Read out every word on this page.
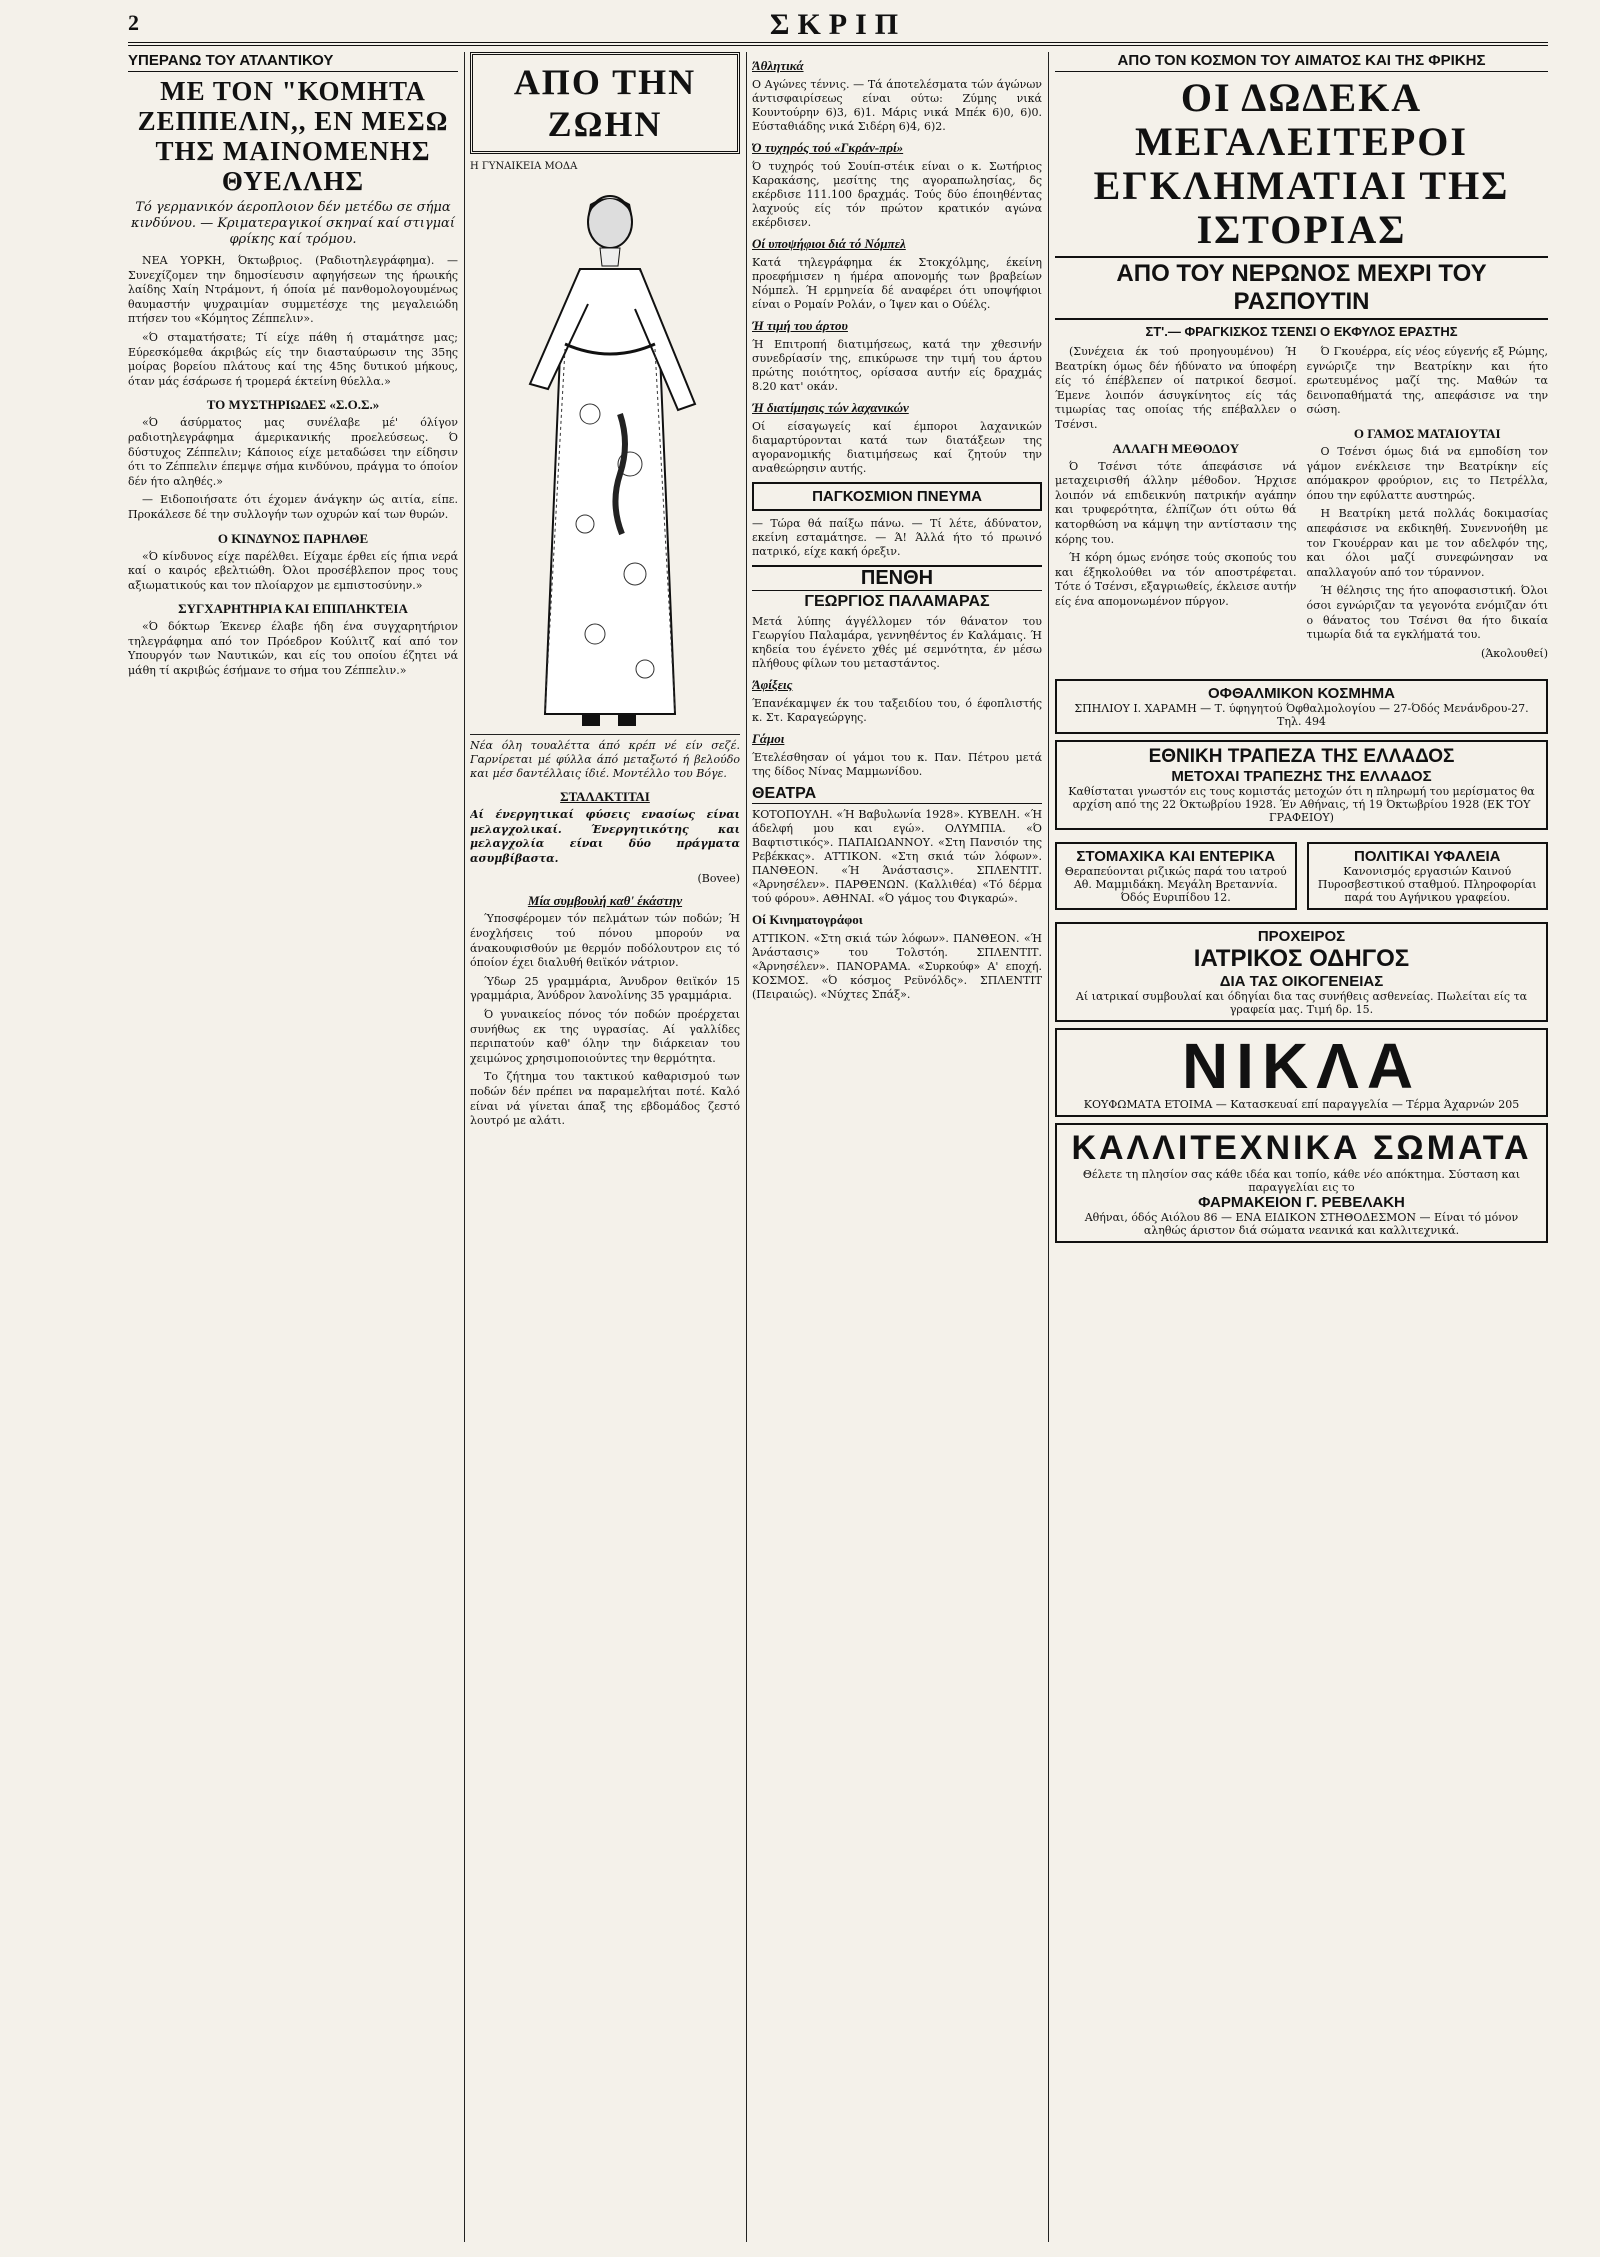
2	ΣΚΡΙΠ
ΥΠΕΡΑΝΩ ΤΟΥ ΑΤΛΑΝΤΙΚΟΥ
ΜΕ ΤΟΝ "ΚΟΜΗΤΑ ΖΕΠΠΕΛΙΝ,, ΕΝ ΜΕΣΩ ΤΗΣ ΜΑΙΝΟΜΕΝΗΣ ΘΥΕΛΛΗΣ
Τό γερμανικόν άεροπλοιον δέν μετέδω σε σήμα κινδύνου. — Κριματεραγικοί σκηναί καί στιγμαί φρίκης καί τρόμου.

ΝΕΑ ΥΟΡΚΗ, Όκτωβριος. (Ραδιοτηλεγράφημα). — Συνεχίζομεν την δημοσίευσιν αφηγήσεων της ήρωικής λαίδης Χαίη Ντράμοντ, ή όποία μέ πανθομολογουμένως θαυμαστήν ψυχραιμίαν συμμετέσχε της μεγαλειώδη πτήσεν του «Κόμητος Ζέππελιν».

«Ό σταματήσατε; Τί είχε πάθη ή σταμάτησε μας; Εύρεσκόμεθα άκριβώς είς την διασταύρωσιν της 35ης μοίρας βορείου πλάτους καί της 45ης δυτικού μήκους, όταν μάς έσάρωσε ή τρομερά έκτείνη θύελλα.»

ΤΟ ΜΥΣΤΗΡΙΩΔΕΣ «Σ.Ο.Σ.»

«Ό άσύρματος μας συνέλαβε μέ' όλίγον ραδιοτηλεγράφημα άμερικανικής προελεύσεως. Ό δύστυχος Ζέππελιν; Κάποιος είχε μεταδώσει την είδησιν ότι το Ζέππελιν έπεμψε σήμα κινδύνου, πράγμα το όποίον δέν ήτο αληθές.»

— Ειδοποιήσατε ότι έχομεν άνάγκην ώς αιτία, είπε. Προκάλεσε δέ την συλλογήν των οχυρών καί των θυρών.

Ο ΚΙΝΔΥΝΟΣ ΠΑΡΗΛΘΕ

«Ό κίνδυνος είχε παρέλθει. Είχαμε έρθει είς ήπια νερά καί ο καιρός εβελτιώθη. Όλοι προσέβλεπον προς τους αξιωματικούς και τον πλοίαρχον με εμπιστοσύνην.»

ΣΥΓΧΑΡΗΤΗΡΙΑ ΚΑΙ ΕΠΙΠΛΗΚΤΕΙΑ

«Ό δόκτωρ Έκενερ έλαβε ήδη ένα συγχαρητήριον τηλεγράφημα από τον Πρόεδρον Κούλιτζ καί από τον Υπουργόν των Ναυτικών, και είς του οποίου έζητει νά μάθη τί ακριβώς έσήμανε το σήμα του Ζέππελιν.»

ΑΠΟ ΤΗΝ ΖΩΗΝ
Η ΓΥΝΑΙΚΕΙΑ ΜΟΔΑ
Νέα όλη τουαλέττα άπό κρέπ νέ είν σεζέ. Γαρνίρεται μέ φύλλα άπό μεταξωτό ή βελούδο και μέσ δαντέλλαις ίδιέ. Μοντέλλο του Βόγε.
ΣΤΑΛΑΚΤΙΤΑΙ
Αί ένεργητικαί φύσεις ενασίως είναι μελαγχολικαί. Ένεργητικότης και μελαγχολία είναι δύο πράγματα ασυμβίβαστα.
(Bovee)
Μία συμβουλή καθ' έκάστην

Ύποσφέρομεν τόν πελμάτων τών ποδών; Ή ένοχλήσεις τού πόνου μπορούν να άνακουφισθούν με θερμόν ποδόλουτρον εις τό όποίον έχει διαλυθή θειϊκόν νάτριον.

Ύδωρ 25 γραμμάρια, Άνυδρον θειϊκόν 15 γραμμάρια, Άνύδρον λανολίνης 35 γραμμάρια.

Ό γυναικείος πόνος τόν ποδών προέρχεται συνήθως εκ της υγρασίας. Αί γαλλίδες περιπατούν καθ' όλην την διάρκειαν του χειμώνος χρησιμοποιούντες την θερμότητα.

Το ζήτημα του τακτικού καθαρισμού των ποδών δέν πρέπει να παραμελήται ποτέ. Καλό είναι νά γίνεται άπαξ της εβδομάδος ζεστό λουτρό με αλάτι.

Άθλητικά
Ο Αγώνες τέννις. — Τά άποτελέσματα τών άγώνων άντισφαιρίσεως είναι ούτω: Ζύμης νικά Κουντούρην 6)3, 6)1. Μάρις νικά Μπέκ 6)0, 6)0. Εύσταθιάδης νικά Σιδέρη 6)4, 6)2.
Ό τυχηρός τού «Γκράν-πρί»
Ό τυχηρός τού Σουίπ-στέικ είναι ο κ. Σωτήριος Καρακάσης, μεσίτης της αγοραπωλησίας, δς εκέρδισε 111.100 δραχμάς. Τούς δύο έποιηθέντας λαχνούς είς τόν πρώτον κρατικόν αγώνα εκέρδισεν.
Οί υποψήφιοι διά τό Νόμπελ
Κατά τηλεγράφημα έκ Στοκχόλμης, έκείνη προεφήμισεν η ήμέρα απονομής των βραβείων Νόμπελ. Ή ερμηνεία δέ αναφέρει ότι υποψήφιοι είναι ο Ρομαίν Ρολάν, ο Ίψεν και ο Ούέλς.
Ή τιμή του άρτου
Ή Επιτροπή διατιμήσεως, κατά την χθεσινήν συνεδρίασίν της, επικύρωσε την τιμή του άρτου πρώτης ποιότητος, ορίσασα αυτήν είς δραχμάς 8.20 κατ' οκάν.
Ή διατίμησις τών λαχανικών
Οί είσαγωγείς καί έμποροι λαχανικών διαμαρτύρονται κατά των διατάξεων της αγορανομικής διατιμήσεως καί ζητούν την αναθεώρησιν αυτής.
ΠΑΓΚΟΣΜΙΟΝ ΠΝΕΥΜΑ
— Τώρα θά παίξω πάνω. — Τί λέτε, άδύνατον, εκείνη εσταμάτησε. — Ά! Άλλά ήτο τό πρωινό πατρικό, είχε κακή όρεξιν.
ΠΕΝΘΗ
ΓΕΩΡΓΙΟΣ ΠΑΛΑΜΑΡΑΣ
Μετά λύπης άγγέλλομεν τόν θάνατον του Γεωργίου Παλαμάρα, γεννηθέντος έν Καλάμαις. Ή κηδεία του έγένετο χθές μέ σεμνότητα, έν μέσω πλήθους φίλων του μεταστάντος.
Άφίξεις
Έπανέκαμψεν έκ του ταξειδίου του, ό έφοπλιστής κ. Στ. Καραγεώργης.
Γάμοι
Έτελέσθησαν οί γάμοι του κ. Παν. Πέτρου μετά της δίδος Νίνας Μαμμωνίδου.
ΘΕΑΤΡΑ
ΚΟΤΟΠΟΥΛΗ. «Ή Βαβυλωνία 1928». ΚΥΒΕΛΗ. «Ή άδελφή μου και εγώ». ΟΛΥΜΠΙΑ. «Ό Βαφτιστικός». ΠΑΠΑΙΩΑΝΝΟΥ. «Στη Πανσιόν της Ρεβέκκας». ΑΤΤΙΚΟΝ. «Στη σκιά τών λόφων». ΠΑΝΘΕΟΝ. «Ή Άνάστασις». ΣΠΛΕΝΤΙΤ. «Άρνησέλεν». ΠΑΡΘΕΝΩΝ. (Καλλιθέα) «Τό δέρμα τού φόρου». ΑΘΗΝΑΙ. «Ό γάμος του Φιγκαρώ».
Οί Κινηματογράφοι
ΑΤΤΙΚΟΝ. «Στη σκιά τών λόφων». ΠΑΝΘΕΟΝ. «Ή Άνάστασις» του Τολστόη. ΣΠΛΕΝΤΙΤ. «Άρνησέλεν». ΠΑΝΟΡΑΜΑ. «Συρκούφ» Α' εποχή. ΚΟΣΜΟΣ. «Ό κόσμος Ρεϋνόλδς». ΣΠΛΕΝΤΙΤ (Πειραιώς). «Νύχτες Σπάξ».
ΑΠΟ ΤΟΝ ΚΟΣΜΟΝ ΤΟΥ ΑΙΜΑΤΟΣ ΚΑΙ ΤΗΣ ΦΡΙΚΗΣ
ΟΙ ΔΩΔΕΚΑ ΜΕΓΑΛΕΙΤΕΡΟΙ
ΕΓΚΛΗΜΑΤΙΑΙ ΤΗΣ ΙΣΤΟΡΙΑΣ
ΑΠΟ ΤΟΥ ΝΕΡΩΝΟΣ ΜΕΧΡΙ ΤΟΥ ΡΑΣΠΟΥΤΙΝ
ΣΤ'.— ΦΡΑΓΚΙΣΚΟΣ ΤΣΕΝΣΙ Ο ΕΚΦΥΛΟΣ ΕΡΑΣΤΗΣ

(Συνέχεια έκ τού προηγουμένου) Ή Βεατρίκη όμως δέν ήδύνατο να ύποφέρη είς τό έπέβλεπεν οί πατρικοί δεσμοί. Έμενε λοιπόν άσυγκίνητος είς τάς τιμωρίας τας οποίας τής επέβαλλεν ο Τσένσι.

ΑΛΛΑΓΗ ΜΕΘΟΔΟΥ

Ό Τσένσι τότε άπεφάσισε νά μεταχειρισθή άλλην μέθοδον. Ήρχισε λοιπόν νά επιδεικνύη πατρικήν αγάπην και τρυφερότητα, έλπίζων ότι ούτω θά κατορθώση να κάμψη την αντίστασιν της κόρης του.

Ή κόρη όμως ενόησε τούς σκοπούς του και έξηκολούθει να τόν αποστρέφεται. Τότε ό Τσένσι, εξαγριωθείς, έκλεισε αυτήν είς ένα απομονωμένον πύργον.

Ό Γκουέρρα, είς νέος εύγενής εξ Ρώμης, εγνώριζε την Βεατρίκην και ήτο ερωτευμένος μαζί της. Μαθών τα δεινοπαθήματά της, απεφάσισε να την σώση.

Ο ΓΑΜΟΣ ΜΑΤΑΙΟΥΤΑΙ

Ο Τσένσι όμως διά να εμποδίση τον γάμον ενέκλεισε την Βεατρίκην είς απόμακρον φρούριον, εις το Πετρέλλα, όπου την εφύλαττε αυστηρώς.

Η Βεατρίκη μετά πολλάς δοκιμασίας απεφάσισε να εκδικηθή. Συνεννοήθη με τον Γκουέρραν και με τον αδελφόν της, και όλοι μαζί συνεφώνησαν να απαλλαγούν από τον τύραννον.

Ή θέλησις της ήτο αποφασιστική. Όλοι όσοι εγνώριζαν τα γεγονότα ενόμιζαν ότι ο θάνατος του Τσένσι θα ήτο δικαία τιμωρία διά τα εγκλήματά του.

(Άκολουθεί)
ΟΦΘΑΛΜΙΚΟΝ ΚΟΣΜΗΜΑ
ΣΠΗΛΙΟΥ Ι. ΧΑΡΑΜΗ — Τ. ύφηγητού Όφθαλμολογίου — 27-Όδός Μενάνδρου-27. Τηλ. 494
ΕΘΝΙΚΗ ΤΡΑΠΕΖΑ ΤΗΣ ΕΛΛΑΔΟΣ
ΜΕΤΟΧΑΙ ΤΡΑΠΕΖΗΣ ΤΗΣ ΕΛΛΑΔΟΣ
Καθίσταται γνωστόν εις τους κομιστάς μετοχών ότι η πληρωμή του μερίσματος θα αρχίση από της 22 Όκτωβρίου 1928. Έν Αθήναις, τή 19 Όκτωβρίου 1928 (ΕΚ ΤΟΥ ΓΡΑΦΕΙΟΥ)
ΣΤΟΜΑΧΙΚΑ ΚΑΙ ΕΝΤΕΡΙΚΑ
Θεραπεύονται ριζικώς παρά του ιατρού Αθ. Μαμμιδάκη. Μεγάλη Βρεταννία. Όδός Ευριπίδου 12.
ΠΟΛΙΤΙΚΑΙ ΥΦΑΛΕΙΑ
Κανονισμός εργασιών Καινού Πυροσβεστικού σταθμού. Πληροφορίαι παρά του Αγήνικου γραφείου.
ΠΡΟΧΕΙΡΟΣ
ΙΑΤΡΙΚΟΣ ΟΔΗΓΟΣ
ΔΙΑ ΤΑΣ ΟΙΚΟΓΕΝΕΙΑΣ
Αί ιατρικαί συμβουλαί και όδηγίαι δια τας συνήθεις ασθενείας. Πωλείται είς τα γραφεία μας. Τιμή δρ. 15.
ΝΙΚΛΑ
ΚΟΥΦΩΜΑΤΑ ΕΤΟΙΜΑ — Κατασκευαί επί παραγγελία — Τέρμα Άχαρνών 205
ΚΑΛΛΙΤΕΧΝΙΚΑ ΣΩΜΑΤΑ
Θέλετε τη πλησίον σας κάθε ιδέα και τοπίο, κάθε νέο απόκτημα. Σύσταση και παραγγελίαι εις το
ΦΑΡΜΑΚΕΙΟΝ Γ. ΡΕΒΕΛΑΚΗ
Αθήναι, όδός Αιόλου 86 — ΕΝΑ ΕΙΔΙΚΟΝ ΣΤΗΘΟΔΕΣΜΟΝ — Είναι τό μόνον αληθώς άριστον διά σώματα νεανικά και καλλιτεχνικά.
